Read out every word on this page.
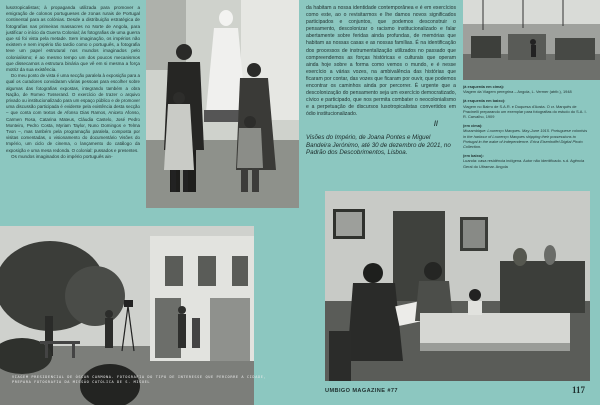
lusotropicalistas; à propaganda utilizada para promover a emigração de colonos portugueses de zonas rurais de Portugal continental para as colónias. Desde a distribuição estratégica de fotografias nas primeiras massacres no Norte de Angola, para justificar o início da Guerra Colonial; às fotografias de uma guerra que só foi vista pela metade. Sem imaginação, os impérios não existem e nem império tão tardio como o português, a fotografia teve um papel estrutural nos mundos imaginados pelo colonialismo; é ao mesmo tempo um dos poucos mecanismos que dissecamos a estrutura binária que vê em si mesma a força motriz da sua existência.

Do meu ponto de vista é uma secção paralela à exposição para a qual os curadores convidaram várias pessoas para escolher sobre algumas das fotografias expostas, integrando também a obra Nação, de Romeo Tosserand. O exercício de trazer o arquivo privado ou institucionalizado para um espaço público e de promover uma discussão participada é evidente pela existência desta secção – que conta com textos de Afonso Dias Ramos, Aniceto Afonso, Carmen Rosa, Catarina Mateus, Cláudia Castelo, José Pedro Monteiro, Pedro Costa, Myriam Taylor, Nuno Domingos e Telma Tvon –, mas também pela programação paralela, composta por visitas comentadas, o visionamento do documentário Visões do Império, um ciclo de cinema, o lançamento do catálogo da exposição e uma mesa redonda. O colonial: pussados e presentes.

Os mundos imaginados do império português ain-

VIAGEM PRESIDENCIAL DE ÓSCAR CARMONA. FOTOGRAFIA DO TIPO DE INTERESSE QUE PERCORRE A CIDADE, PREPARA FOTOGRAFIA DA MISSÃO CATÓLICA DE S. MIGUEL

da habitam a nossa identidade contemporânea e é em exercícios como este, ao o revisitarmos e lhe damos novos significados participados e conjuntos, que podemos desconstruir o pensamento, descolonizar o racismo institucionalizado e falar abertamente sobre feridas ainda profundas, de memórias que habitam as nossas casas e as nossas famílias. É na identificação dos processos de instrumentalização utilizados no passado que compreendemos as forças históricas e culturais que operam ainda hoje sobre a forma como vemos o mundo, e é nesse exercício a várias vozes, na ambivalência das histórias que ficaram por contar, das vozes que ficaram por ouvir, que podemos encontrar os caminhos ainda por percorrer. É urgente que a descolonização do pensamento seja um exercício democratizado, cívico e participado, que nos permita combater o neocolonialismo e a perpetuação de discursos lusotropicalistas convertidos em ódio institucionalizado.

//
Visões do Império, de Joana Pontes e Miguel Bandeira Jerónimo, até 30 de dezembro de 2021, no Padrão dos Descobrimentos, Lisboa.
(à esquerda em cima):
Viagem da Viagem peregrina – Angola, L. Vermer (atrib.), 1948
(à esquerda em baixo):
Viagem no Bairro de S.A.R. e Duquesa d'Aosta. O cr. Marquês de Pracinelli preparando um exemplar para fotografias do estudo do S.A. I. R. Carvalho, 1909
(em cima):
Mozambique: Lourenço Marques. May-June 1915. Portuguese colonists in the harbour of Lourenço Marques shipping their possessions to Portugal in the wake of independence. Erica Eisenhoffel Digital Photo Collection.
(em baixo):
Luanda: casa residência indígena. Autor não identificado. s.d. Agência Geral do Ultramar. Angola
UMBIGO MAGAZINE #77	117
